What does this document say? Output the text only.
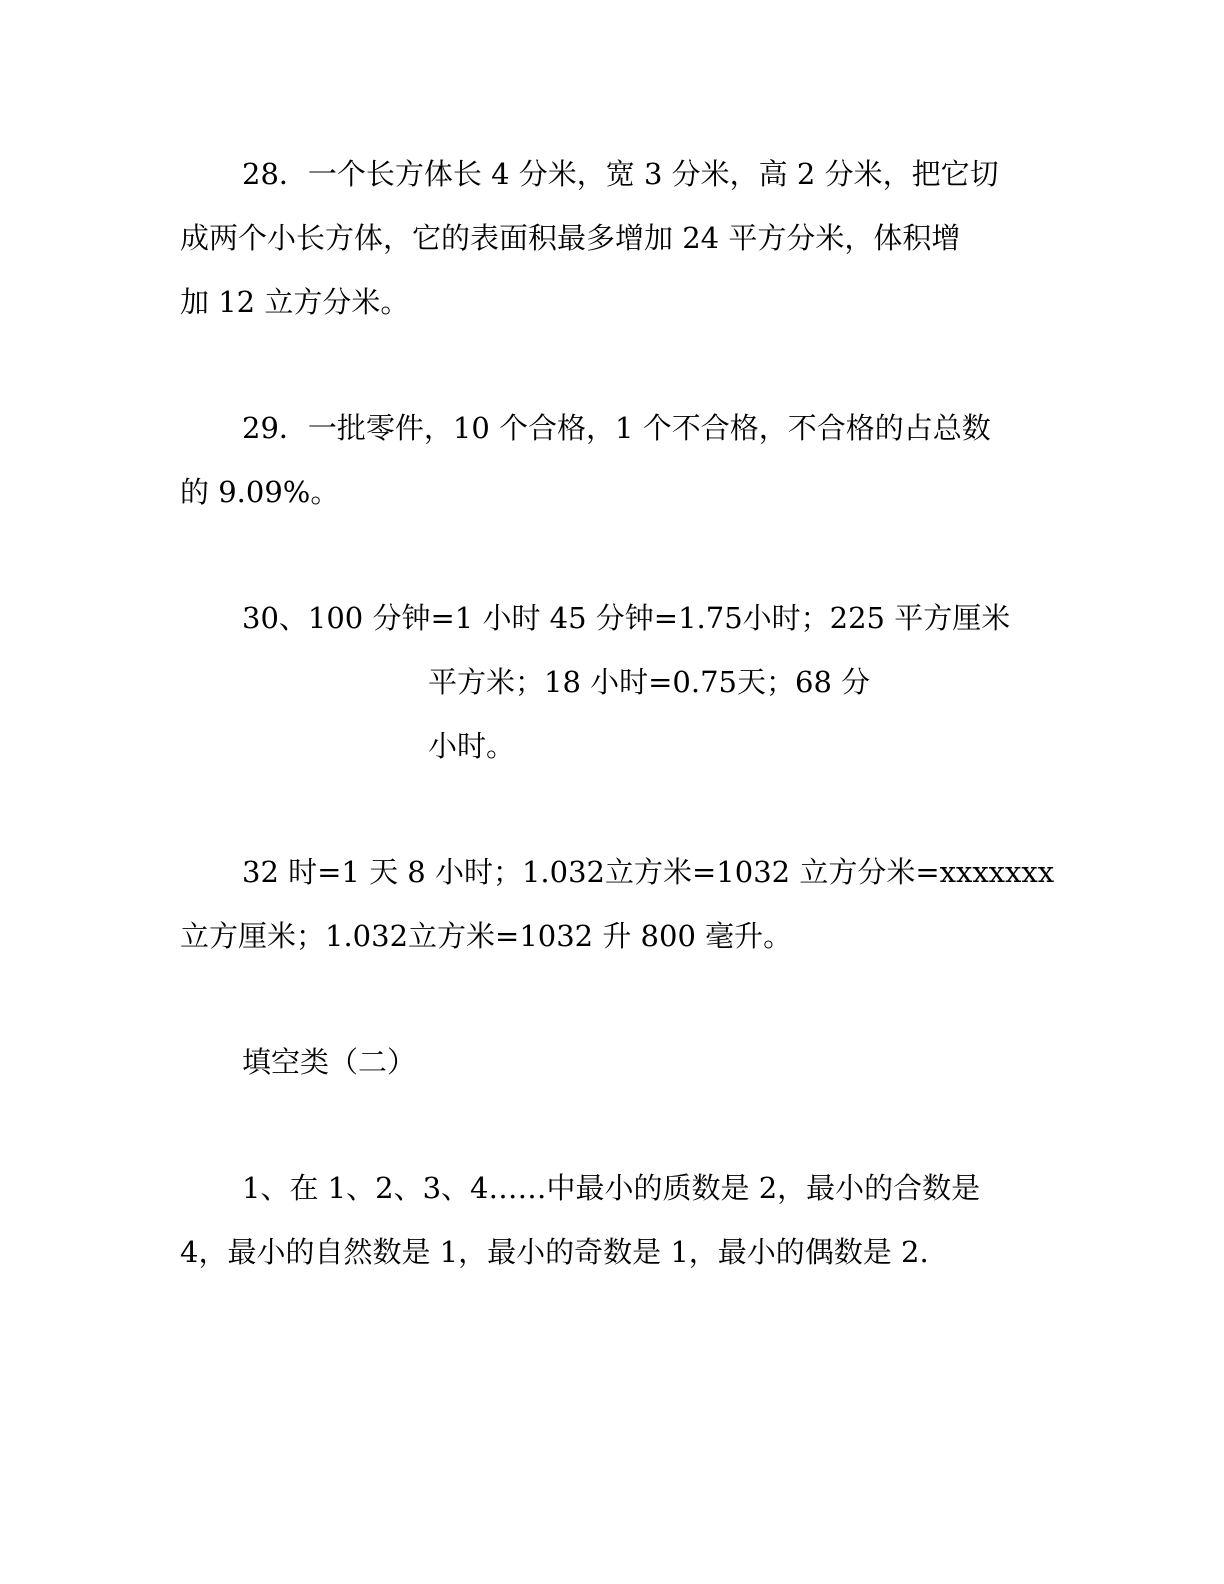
28．一个长方体长 4 分米，宽 3 分米，高 2 分米，把它切
成两个小长方体，它的表面积最多增加 24 平方分米，体积增
加 12 立方分米。
29．一批零件，10 个合格，1 个不合格，不合格的占总数
的 9.09%。
30、100 分钟=1 小时 45 分钟=1.75小时；225 平方厘米
平方米；18 小时=0.75天；68 分
小时。
32 时=1 天 8 小时；1.032立方米=1032 立方分米=xxxxxxx
立方厘米；1.032立方米=1032 升 800 毫升。
填空类（二）
1、在 1、2、3、4……中最小的质数是 2，最小的合数是
4，最小的自然数是 1，最小的奇数是 1，最小的偶数是 2.
